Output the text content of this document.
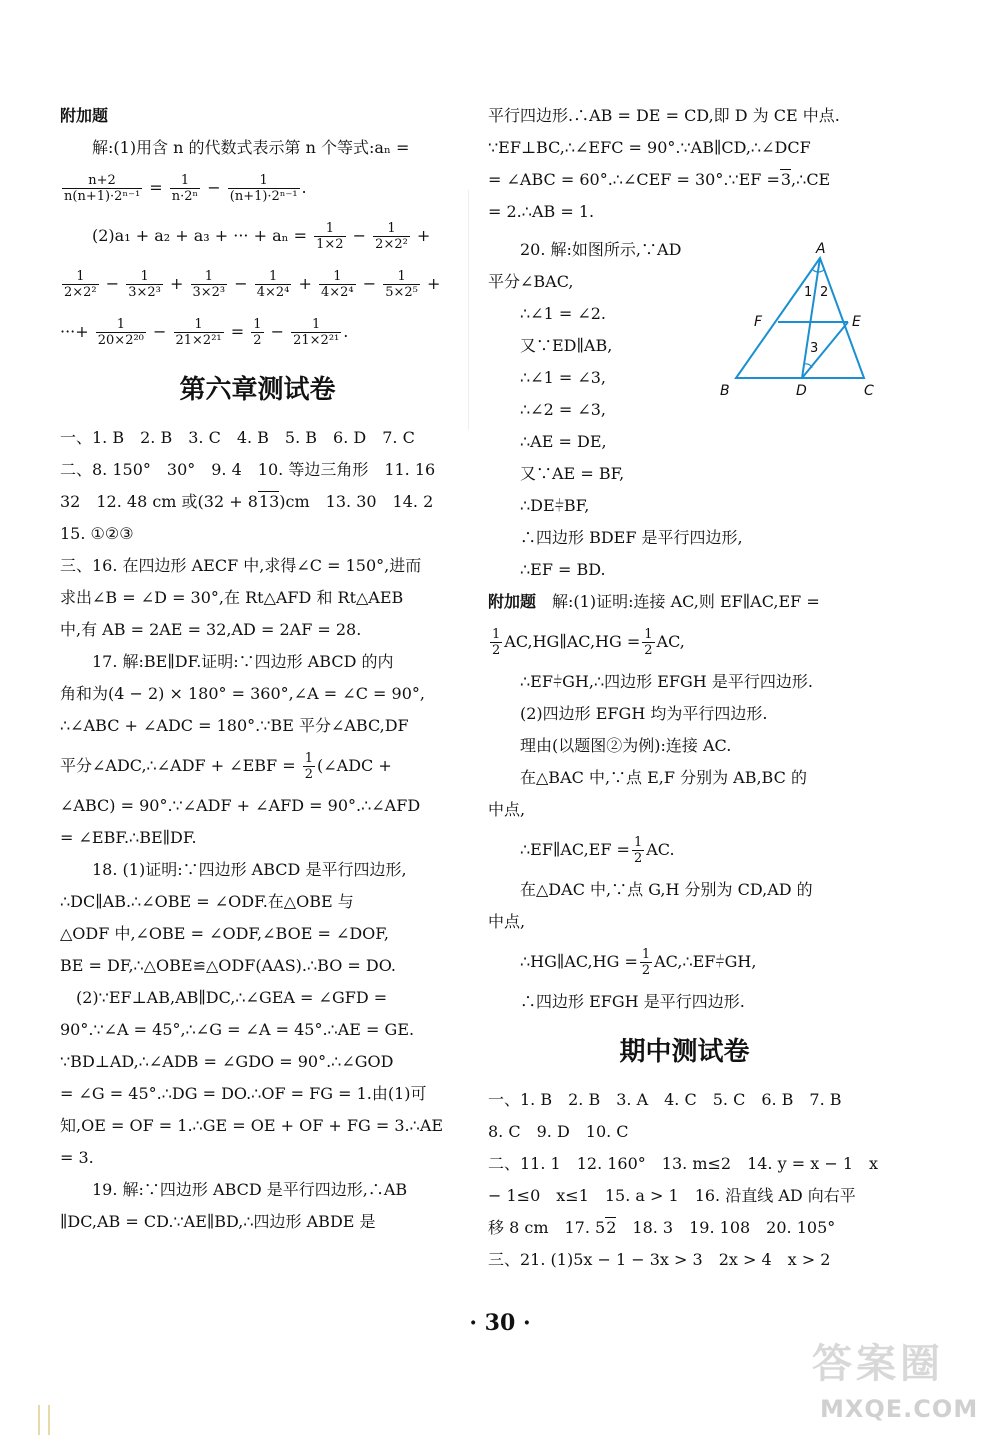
附加题
解:(1)用含 n 的代数式表示第 n 个等式:aₙ =
$\frac{n+2}{\text{n(n+1)·2ⁿ⁻¹}} = \frac{1}{\text{n·2ⁿ}} - \frac{1}{\text{(n+1)·2ⁿ⁻¹}}$ .
(2)a₁ + a₂ + a₃ + ··· + $a_n = \frac{1}{1\times 2} - \frac{1}{\text{2×2²}}$ +
$\frac{1}{\text{2×2²}} - \frac{1}{\text{3×2³}} + \frac{1}{\text{3×2³}} - \frac{1}{\text{4×2⁴}} + \frac{1}{\text{4×2⁴}} - \frac{1}{\text{5×2⁵}}$ +
···+ $\frac{1}{\text{20×2²⁰}} - \frac{1}{\text{21×2²¹}} = \frac{1}{2} - \frac{1}{\text{21×2²¹}}$ .
第六章测试卷
一、1. B　2. B　3. C　4. B　5. B　6. D　7. C
二、8. 150°　30°　9. 4　10. 等边三角形　11. 16
32　12. 48 cm 或(32 + 813)cm　13. 30　14. 2
15. ①②③
三、16. 在四边形 AECF 中,求得∠C = 150°,进而
求出∠B = ∠D = 30°,在 Rt△AFD 和 Rt△AEB
中,有 AB = 2AE = 32,AD = 2AF = 28.
17. 解:BE∥DF.证明:∵四边形 ABCD 的内
角和为(4 − 2) × 180° = 360°,∠A = ∠C = 90°,
∴∠ABC + ∠ADC = 180°.∵BE 平分∠ABC,DF
平分∠ADC,∴∠ADF + ∠EBF = $\frac{1}{2}$ (∠ADC +
∠ABC) = 90°.∵∠ADF + ∠AFD = 90°.∴∠AFD
= ∠EBF.∴BE∥DF.
18. (1)证明:∵四边形 ABCD 是平行四边形,
∴DC∥AB.∴∠OBE = ∠ODF.在△OBE 与
△ODF 中,∠OBE = ∠ODF,∠BOE = ∠DOF,
BE = DF,∴△OBE≌△ODF(AAS).∴BO = DO.
(2)∵EF⊥AB,AB∥DC,∴∠GEA = ∠GFD =
90°.∵∠A = 45°,∴∠G = ∠A = 45°.∴AE = GE.
∵BD⊥AD,∴∠ADB = ∠GDO = 90°.∴∠GOD
= ∠G = 45°.∴DG = DO.∴OF = FG = 1.由(1)可
知,OE = OF = 1.∴GE = OE + OF + FG = 3.∴AE
= 3.
19. 解:∵四边形 ABCD 是平行四边形,∴AB
∥DC,AB = CD.∵AE∥BD,∴四边形 ABDE 是
平行四边形.∴AB = DE = CD,即 D 为 CE 中点.
∵EF⊥BC,∴∠EFC = 90°.∵AB∥CD,∴∠DCF
= ∠ABC = 60°.∴∠CEF = 30°.∵EF =3,∴CE
= 2.∴AB = 1.
20. 解:如图所示,∵AD
平分∠BAC,
∴∠1 = ∠2.
又∵ED∥AB,
∴∠1 = ∠3,
∴∠2 = ∠3,
∴AE = DE,
又∵AE = BF,
∴DE⫩BF,
∴四边形 BDEF 是平行四边形,
∴EF = BD.
附加题　 解:(1)证明:连接 AC,则 EF∥AC,EF =
$\frac{1}{2}$ AC,HG∥AC,HG = $\frac{1}{2}$ AC,
∴EF⫩GH,∴四边形 EFGH 是平行四边形.
(2)四边形 EFGH 均为平行四边形.
理由(以题图②为例):连接 AC.
在△BAC 中,∵点 E,F 分别为 AB,BC 的
中点,
∴EF∥AC,EF = $\frac{1}{2}$ AC.
在△DAC 中,∵点 G,H 分别为 CD,AD 的
中点,
∴HG∥AC,HG = $\frac{1}{2}$ AC,∴EF⫩GH,
∴四边形 EFGH 是平行四边形.
期中测试卷
一、1. B　2. B　3. A　4. C　5. C　6. B　7. B
8. C　9. D　10. C
二、11. 1　12. 160°　13. m≤2　14. y = x − 1　x
− 1≤0　x≤1　15. a > 1　16. 沿直线 AD 向右平
移 8 cm　17. 52　18. 3　19. 108　20. 105°
三、21. (1)5x − 1 − 3x > 3　2x > 4　x > 2
A
B	C
D
E
F
1 2
3
· 30 ·
答案圈
MXQE.COM
